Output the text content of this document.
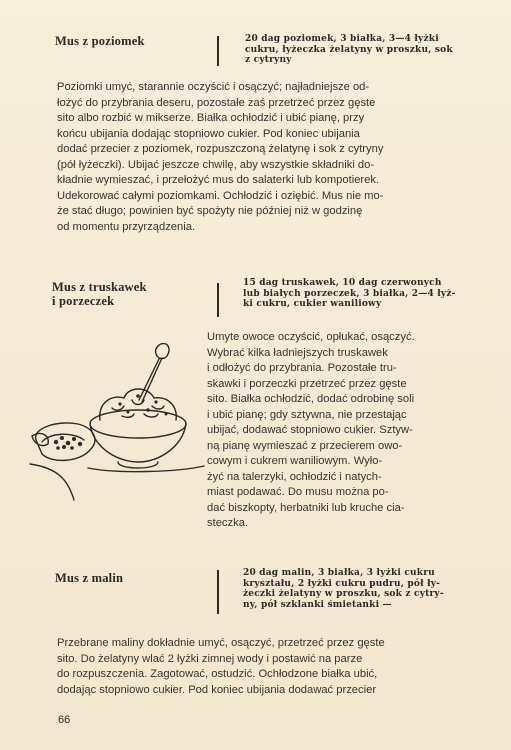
Mus z poziomek	20 dag poziomek, 3 białka, 3—4 łyżki
cukru, łyżeczka żelatyny w proszku, sok
z cytryny
Poziomki umyć, starannie oczyścić i osączyć; najładniejsze od-
łożyć do przybrania deseru, pozostałe zaś przetrzeć przez gęste
sito albo rozbić w mikserze. Białka ochłodzić i ubić pianę, przy
końcu ubijania dodając stopniowo cukier. Pod koniec ubijania
dodać przecier z poziomek, rozpuszczoną żelatynę i sok z cytryny
(pół łyżeczki). Ubijać jeszcze chwilę, aby wszystkie składniki do-
kładnie wymieszać, i przełożyć mus do salaterki lub kompotierek.
Udekorować całymi poziomkami. Ochłodzić i oziębić. Mus nie mo-
że stać długo; powinien być spożyty nie później niż w godzinę
od momentu przyrządzenia.
Mus z truskawek
i porzeczek
15 dag truskawek, 10 dag czerwonych
lub białych porzeczek, 3 białka, 2—4 łyż-
ki cukru, cukier waniliowy
Umyte owoce oczyścić, opłukać, osączyć.
Wybrać kilka ładniejszych truskawek
i odłożyć do przybrania. Pozostałe tru-
skawki i porzeczki przetrzeć przez gęste
sito. Białka ochłodzić, dodać odrobinę soli
i ubić pianę; gdy sztywna, nie przestając
ubijać, dodawać stopniowo cukier. Sztyw-
ną pianę wymieszać z przecierem owo-
cowym i cukrem waniliowym. Wyło-
żyć na talerzyki, ochłodzić i natych-
miast podawać. Do musu można po-
dać biszkopty, herbatniki lub kruche cia-
steczka.
Mus z malin	20 dag malin, 3 białka, 3 łyżki cukru
kryształu, 2 łyżki cukru pudru, pół ły-
żeczki żelatyny w proszku, sok z cytry-
ny, pół szklanki śmietanki —
Przebrane maliny dokładnie umyć, osączyć, przetrzeć przez gęste
sito. Do żelatyny wlać 2 łyżki zimnej wody i postawić na parze
do rozpuszczenia. Zagotować, ostudzić. Ochłodzone białka ubić,
dodając stopniowo cukier. Pod koniec ubijania dodawać przecier
66
